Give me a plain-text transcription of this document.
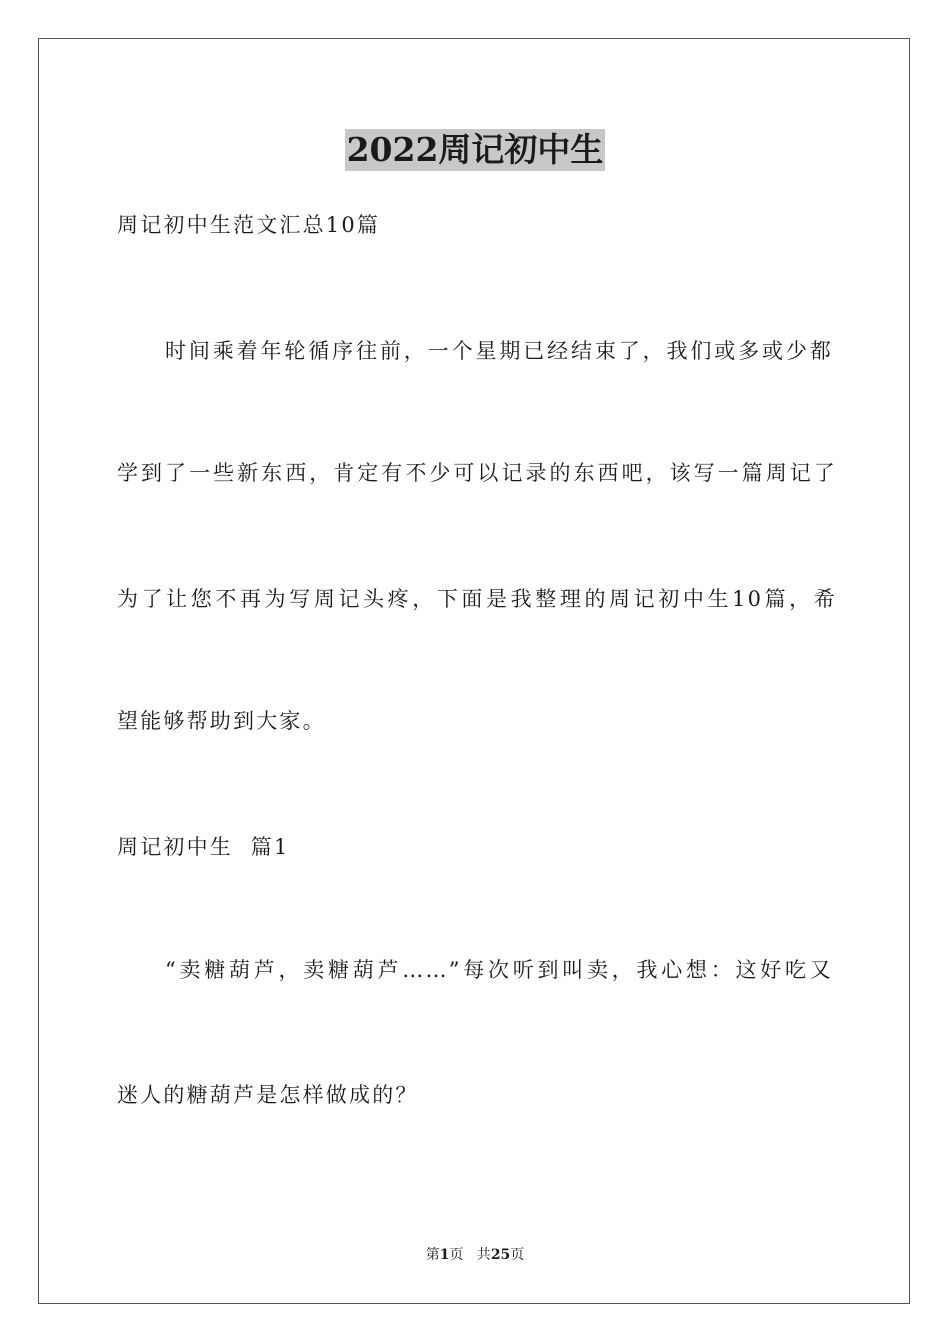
2022周记初中生

周记初中生范文汇总10篇

时间乘着年轮循序往前，一个星期已经结束了，我们或多或少都

学到了一些新东西，肯定有不少可以记录的东西吧，该写一篇周记了

为了让您不再为写周记头疼，下面是我整理的周记初中生10篇，希

望能够帮助到大家。

周记初中生  篇1

“卖糖葫芦，卖糖葫芦……”每次听到叫卖，我心想：这好吃又

迷人的糖葫芦是怎样做成的？

第1页   共25页
